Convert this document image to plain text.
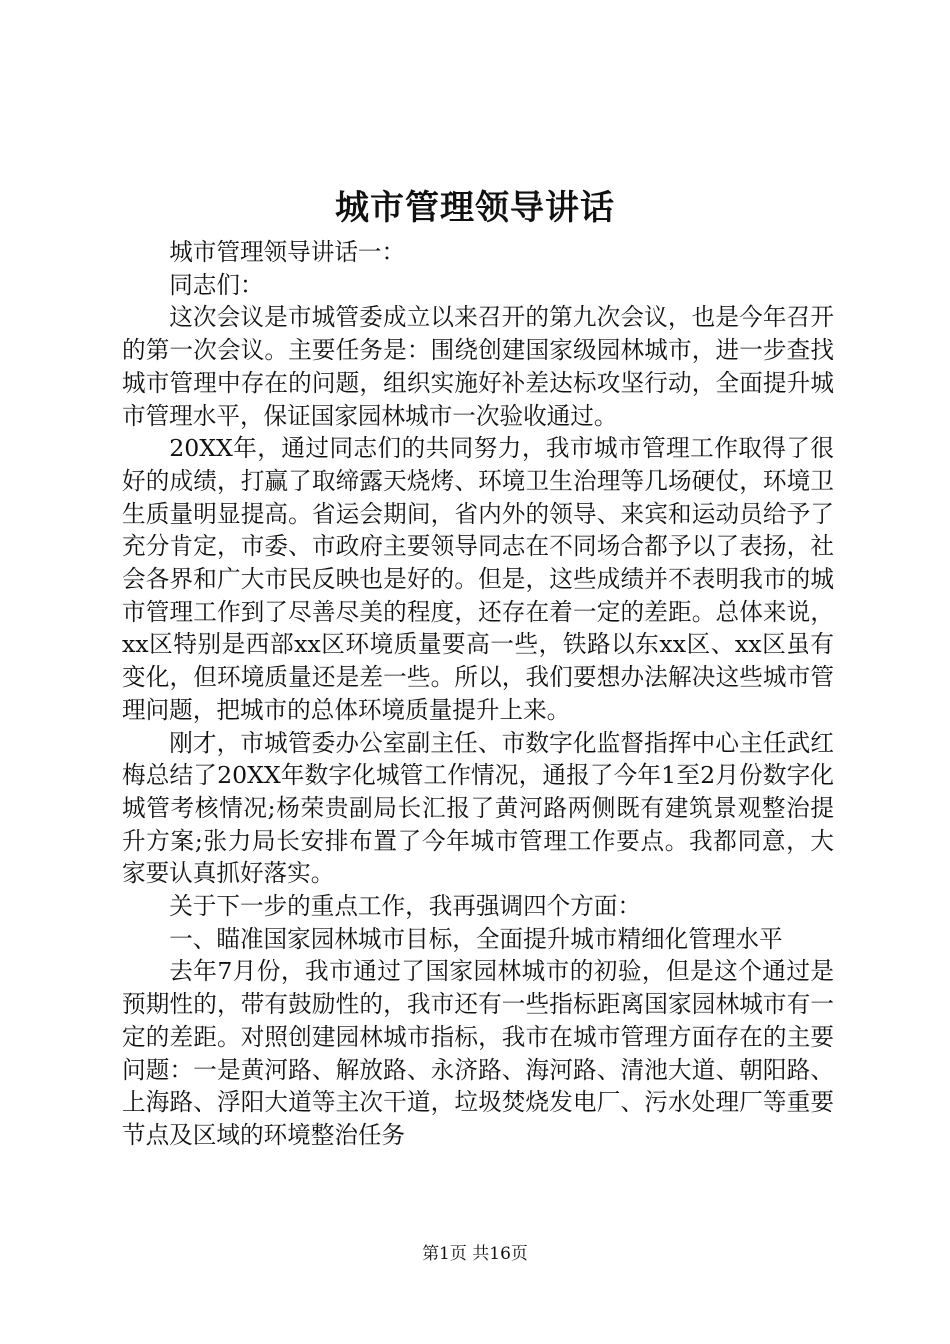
城市管理领导讲话

城市管理领导讲话一：

同志们：

这次会议是市城管委成立以来召开的第九次会议，也是今年召开的第一次会议。主要任务是：围绕创建国家级园林城市，进一步查找城市管理中存在的问题，组织实施好补差达标攻坚行动，全面提升城市管理水平，保证国家园林城市一次验收通过。

20XX年，通过同志们的共同努力，我市城市管理工作取得了很好的成绩，打赢了取缔露天烧烤、环境卫生治理等几场硬仗，环境卫生质量明显提高。省运会期间，省内外的领导、来宾和运动员给予了充分肯定，市委、市政府主要领导同志在不同场合都予以了表扬，社会各界和广大市民反映也是好的。但是，这些成绩并不表明我市的城市管理工作到了尽善尽美的程度，还存在着一定的差距。总体来说，xx区特别是西部xx区环境质量要高一些，铁路以东xx区、xx区虽有变化，但环境质量还是差一些。所以，我们要想办法解决这些城市管理问题，把城市的总体环境质量提升上来。

刚才，市城管委办公室副主任、市数字化监督指挥中心主任武红梅总结了20XX年数字化城管工作情况，通报了今年1至2月份数字化城管考核情况;杨荣贵副局长汇报了黄河路两侧既有建筑景观整治提升方案;张力局长安排布置了今年城市管理工作要点。我都同意，大家要认真抓好落实。

关于下一步的重点工作，我再强调四个方面：

一、瞄准国家园林城市目标，全面提升城市精细化管理水平

去年7月份，我市通过了国家园林城市的初验，但是这个通过是预期性的，带有鼓励性的，我市还有一些指标距离国家园林城市有一定的差距。对照创建园林城市指标，我市在城市管理方面存在的主要问题：一是黄河路、解放路、永济路、海河路、清池大道、朝阳路、上海路、浮阳大道等主次干道，垃圾焚烧发电厂、污水处理厂等重要节点及区域的环境整治任务

第1页 共16页
